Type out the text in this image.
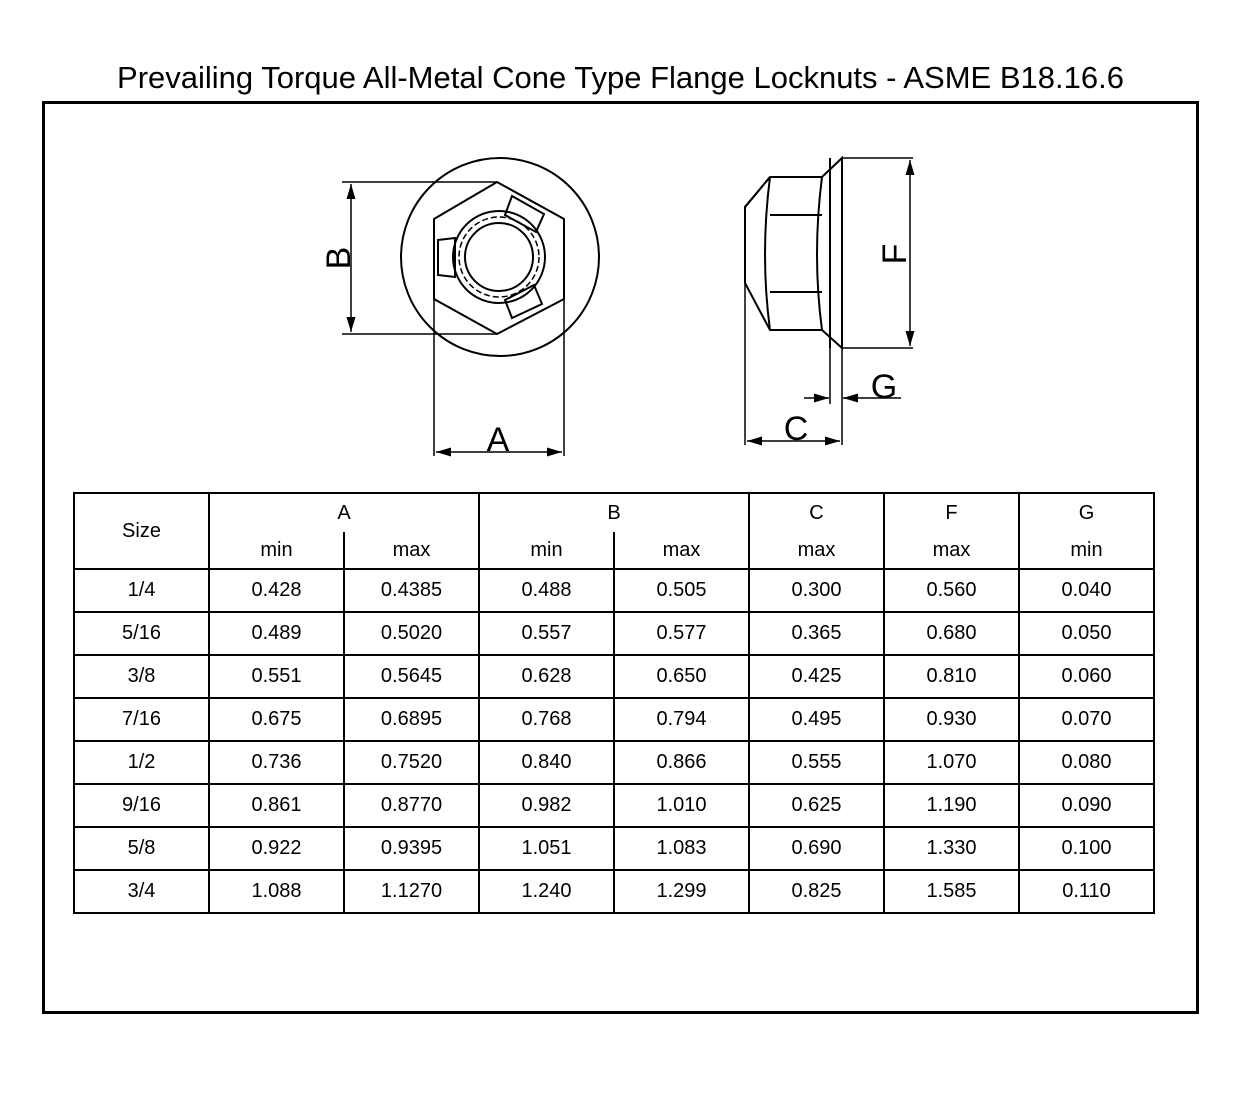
Prevailing Torque All-Metal Cone Type Flange Locknuts - ASME B18.16.6
A
B
C
F
G
Size	A		B		C	F	G
	min	max	min	max	max	max	min
1/4	0.428	0.4385	0.488	0.505	0.300	0.560	0.040
5/16	0.489	0.5020	0.557	0.577	0.365	0.680	0.050
3/8	0.551	0.5645	0.628	0.650	0.425	0.810	0.060
7/16	0.675	0.6895	0.768	0.794	0.495	0.930	0.070
1/2	0.736	0.7520	0.840	0.866	0.555	1.070	0.080
9/16	0.861	0.8770	0.982	1.010	0.625	1.190	0.090
5/8	0.922	0.9395	1.051	1.083	0.690	1.330	0.100
3/4	1.088	1.1270	1.240	1.299	0.825	1.585	0.110
